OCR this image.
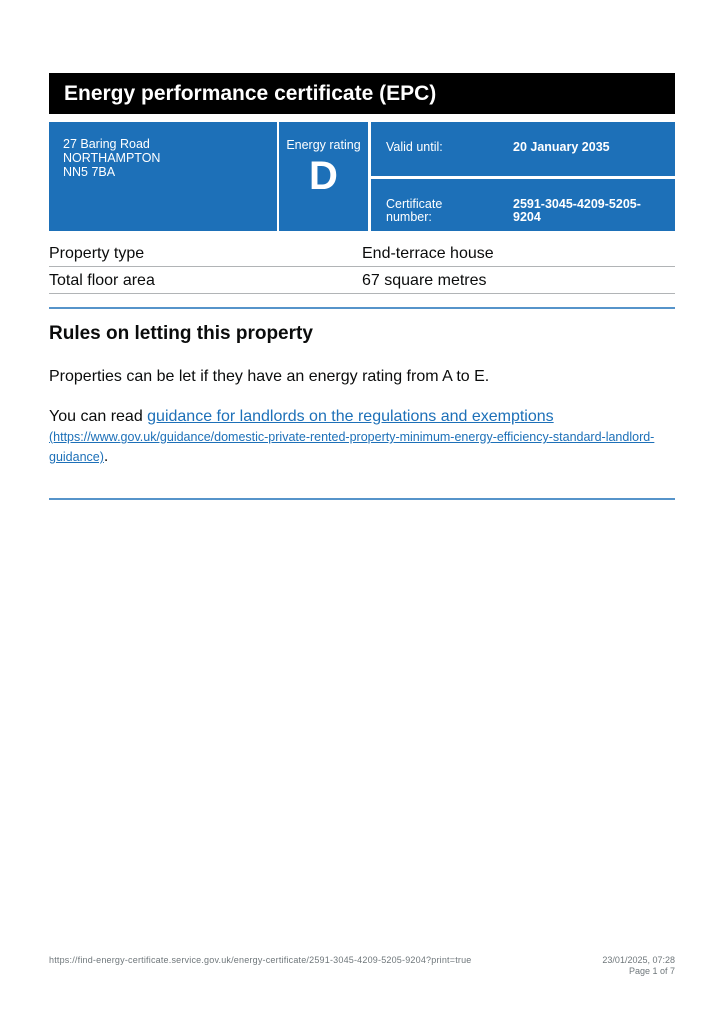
Energy performance certificate (EPC)
27 Baring Road
NORTHAMPTON
NN5 7BA
Energy rating
D
Valid until:	20 January 2035
Certificate number:
2591-3045-4209-5205-9204
Property type	End-terrace house
Total floor area	67 square metres
Rules on letting this property
Properties can be let if they have an energy rating from A to E.
You can read guidance for landlords on the regulations and exemptions
(https://www.gov.uk/guidance/domestic-private-rented-property-minimum-energy-efficiency-standard-landlord-guidance).
https://find-energy-certificate.service.gov.uk/energy-certificate/2591-3045-4209-5205-9204?print=true	23/01/2025, 07:28
Page 1 of 7
